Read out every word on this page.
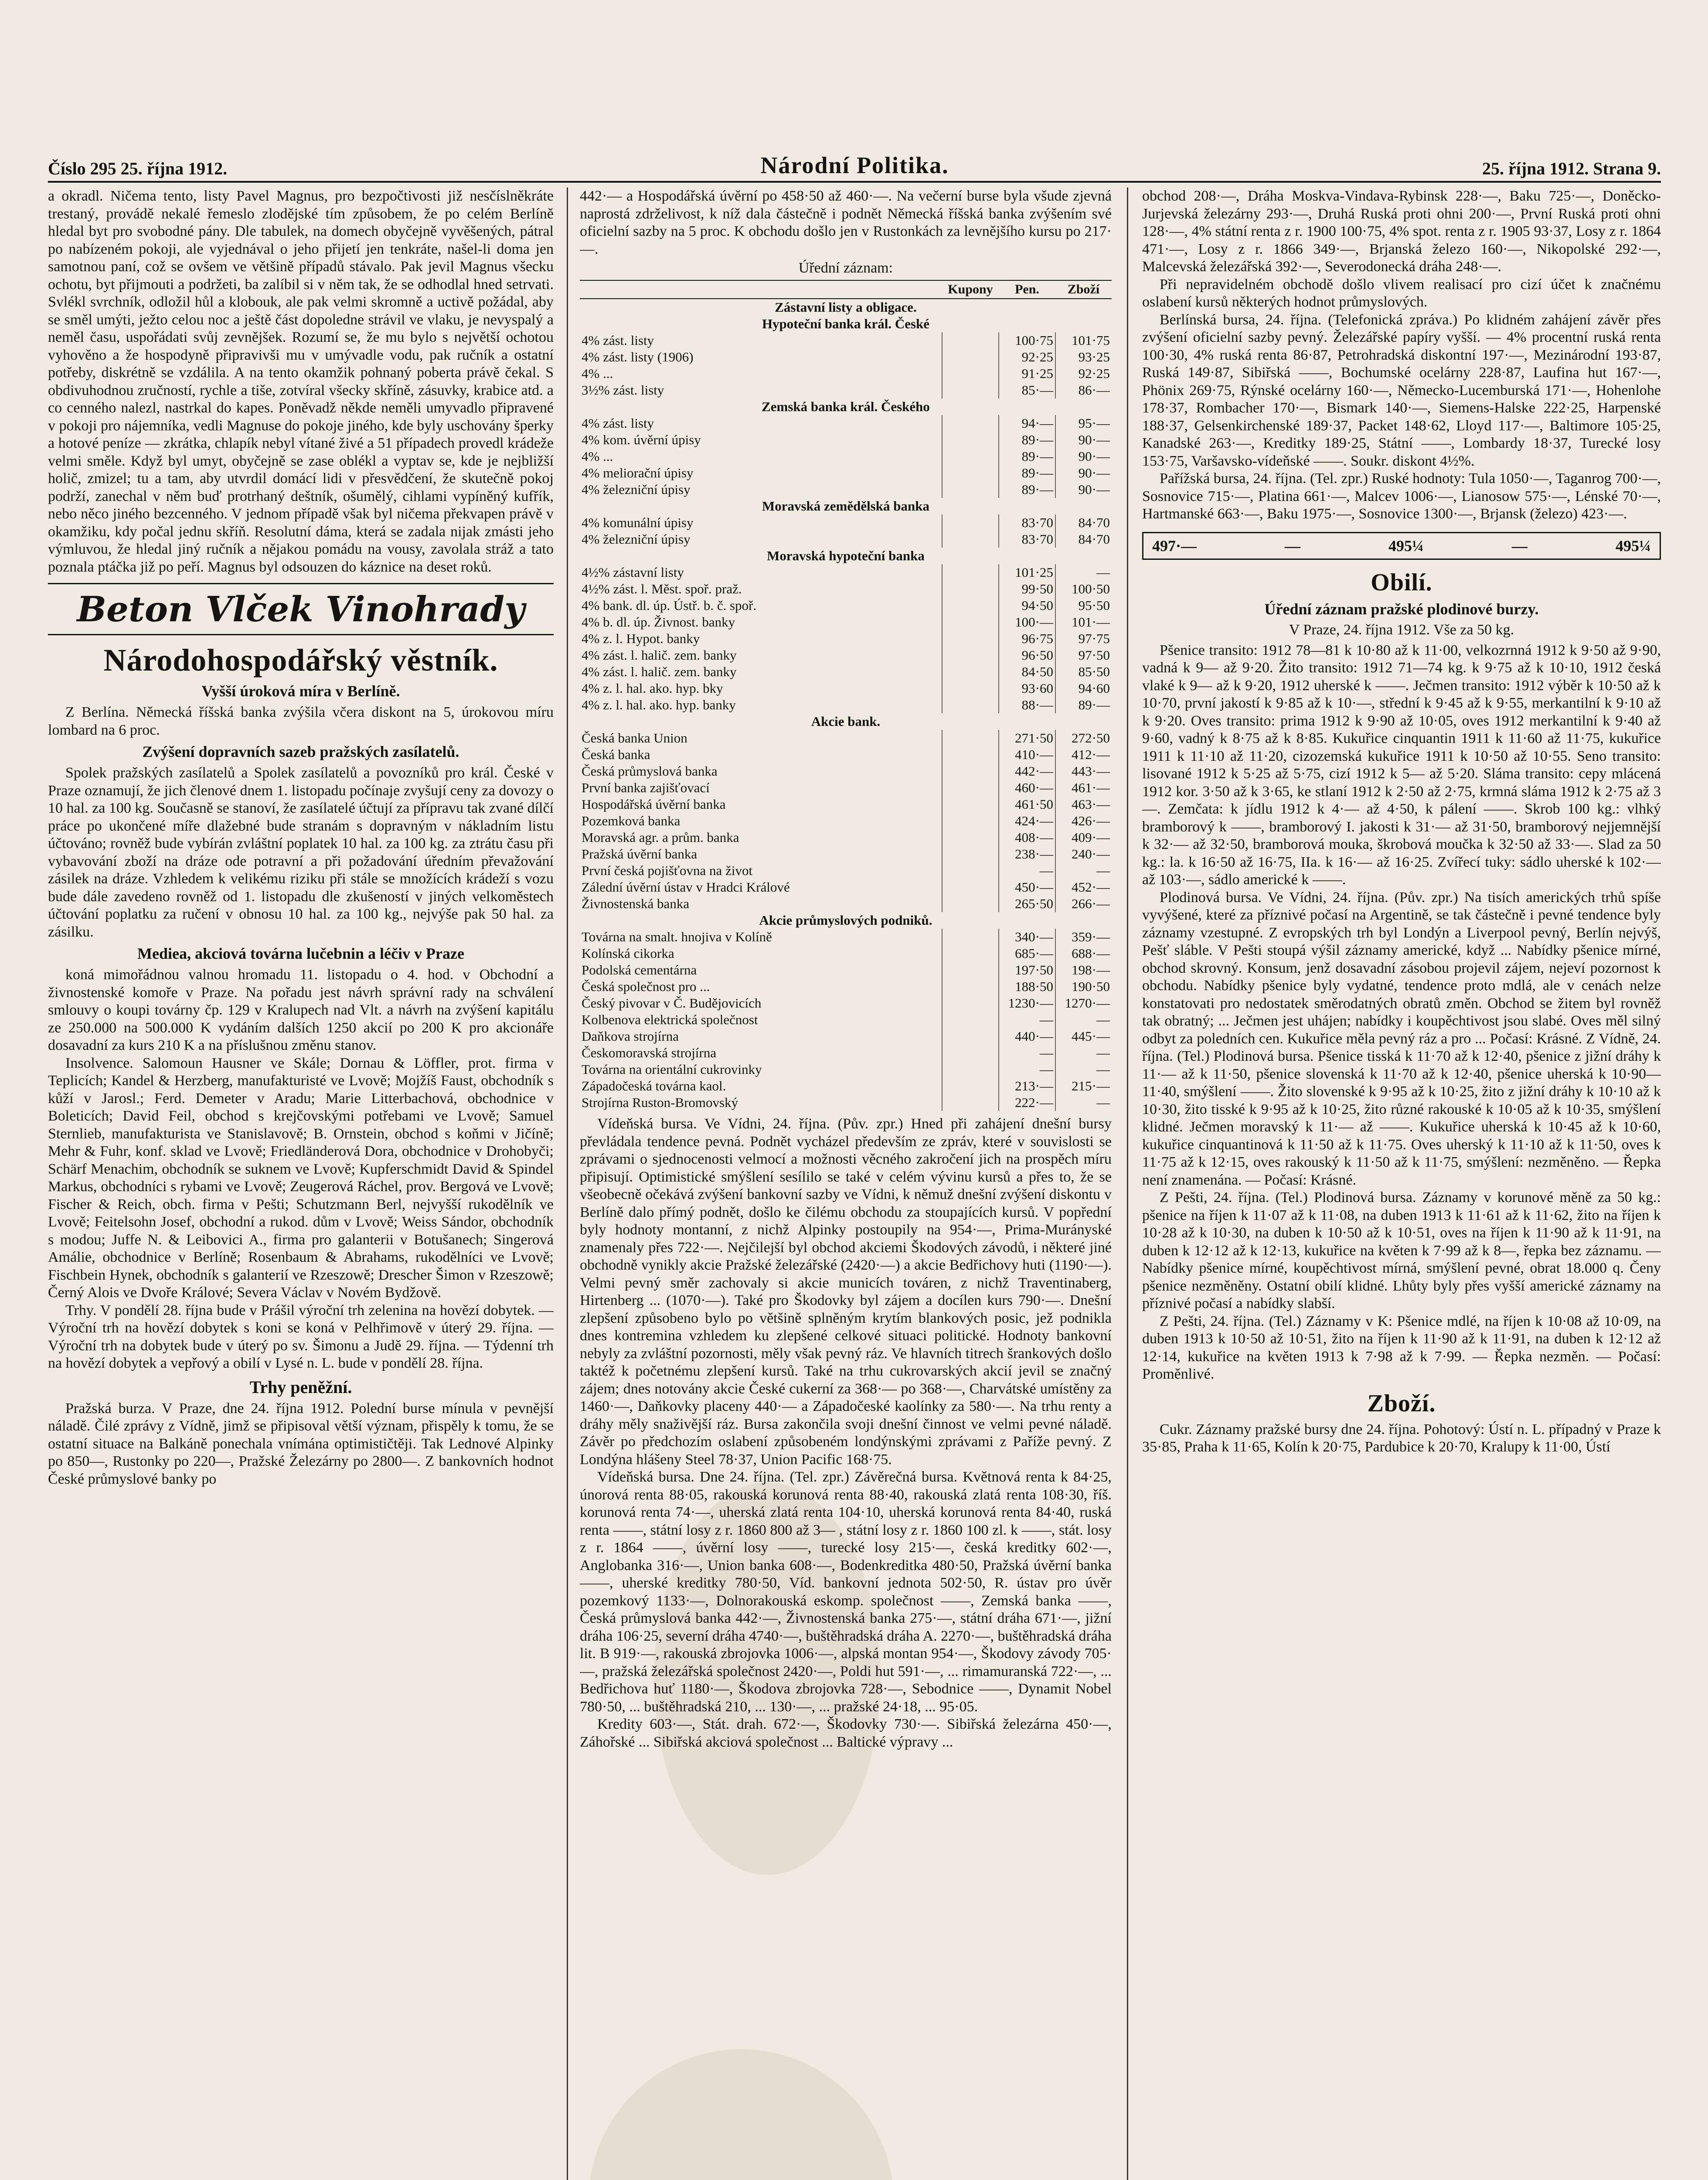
Číslo 295 25. října 1912.	Národní Politika.	25. října 1912. Strana 9.

a okradl. Ničema tento, listy Pavel Magnus, pro bezpočtivosti již nesčíslněkráte trestaný, provádě nekalé řemeslo zlodějské tím způsobem, že po celém Berlíně hledal byt pro svobodné pány. Dle tabulek, na domech obyčejně vyvěšených, pátral po nabízeném pokoji, ale vyjednával o jeho přijetí jen tenkráte, našel-li doma jen samotnou paní, což se ovšem ve většině případů stávalo. Pak jevil Magnus všecku ochotu, byt přijmouti a podržeti, ba zalíbil si v něm tak, že se odhodlal hned setrvati. Svlékl svrchník, odložil hůl a klobouk, ale pak velmi skromně a uctivě požádal, aby se směl umýti, ježto celou noc a ještě část dopoledne strávil ve vlaku, je nevyspalý a neměl času, uspořádati svůj zevnějšek. Rozumí se, že mu bylo s největší ochotou vyhověno a že hospodyně připravivši mu v umývadle vodu, pak ručník a ostatní potřeby, diskrétně se vzdálila. A na tento okamžik pohnaný poberta právě čekal. S obdivuhodnou zručností, rychle a tiše, zotvíral všecky skříně, zásuvky, krabice atd. a co cenného nalezl, nastrkal do kapes. Poněvadž někde neměli umyvadlo připravené v pokoji pro nájemníka, vedli Magnuse do pokoje jiného, kde byly uschovány šperky a hotové peníze — zkrátka, chlapík nebyl vítané živé a 51 případech provedl krádeže velmi směle. Když byl umyt, obyčejně se zase oblékl a vyptav se, kde je nejbližší holič, zmizel; tu a tam, aby utvrdil domácí lidi v přesvědčení, že skutečně pokoj podrží, zanechal v něm buď protrhaný deštník, ošumělý, cihlami vypíněný kufřík, nebo něco jiného bezcenného. V jednom případě však byl ničema překvapen právě v okamžiku, kdy počal jednu skříň. Resolutní dáma, která se zadala nijak zmásti jeho výmluvou, že hledal jiný ručník a nějakou pomádu na vousy, zavolala stráž a tato poznala ptáčka již po peří. Magnus byl odsouzen do káznice na deset roků.

Beton Vlček Vinohrady
Národohospodářský věstník.
Vyšší úroková míra v Berlíně.

Z Berlína. Německá říšská banka zvýšila včera diskont na 5, úrokovou míru lombard na 6 proc.

Zvýšení dopravních sazeb pražských zasílatelů.

Spolek pražských zasílatelů a Spolek zasílatelů a povozníků pro král. České v Praze oznamují, že jich členové dnem 1. listopadu počínaje zvyšují ceny za dovozy o 10 hal. za 100 kg. Současně se stanoví, že zasílatelé účtují za přípravu tak zvané dílčí práce po ukončené míře dlažebné bude stranám s dopravným v nákladním listu účtováno; rovněž bude vybírán zvláštní poplatek 10 hal. za 100 kg. za ztrátu času při vybavování zboží na dráze ode potravní a při požadování úředním převažování zásilek na dráze. Vzhledem k velikému riziku při stále se množících krádeží s vozu bude dále zavedeno rovněž od 1. listopadu dle zkušeností v jiných velkoměstech účtování poplatku za ručení v obnosu 10 hal. za 100 kg., nejvýše pak 50 hal. za zásilku.

Mediea, akciová továrna lučebnin a léčiv v Praze

koná mimořádnou valnou hromadu 11. listopadu o 4. hod. v Obchodní a živnostenské komoře v Praze. Na pořadu jest návrh správní rady na schválení smlouvy o koupi továrny čp. 129 v Kralupech nad Vlt. a návrh na zvýšení kapitálu ze 250.000 na 500.000 K vydáním dalších 1250 akcií po 200 K pro akcionáře dosavadní za kurs 210 K a na příslušnou změnu stanov.

Insolvence. Salomoun Hausner ve Skále; Dornau & Löffler, prot. firma v Teplicích; Kandel & Herzberg, manufakturisté ve Lvově; Mojžíš Faust, obchodník s kůží v Jarosl.; Ferd. Demeter v Aradu; Marie Litterbachová, obchodnice v Boleticích; David Feil, obchod s krejčovskými potřebami ve Lvově; Samuel Sternlieb, manufakturista ve Stanislavově; B. Ornstein, obchod s koňmi v Jičíně; Mehr & Fuhr, konf. sklad ve Lvově; Friedländerová Dora, obchodnice v Drohobyči; Schärf Menachim, obchodník se suknem ve Lvově; Kupferschmidt David & Spindel Markus, obchodníci s rybami ve Lvově; Zeugerová Ráchel, prov. Bergová ve Lvově; Fischer & Reich, obch. firma v Pešti; Schutzmann Berl, nejvyšší rukodělník ve Lvově; Feitelsohn Josef, obchodní a rukod. dům v Lvově; Weiss Sándor, obchodník s modou; Juffe N. & Leibovici A., firma pro galanterii v Botušanech; Singerová Amálie, obchodnice v Berlíně; Rosenbaum & Abrahams, rukodělníci ve Lvově; Fischbein Hynek, obchodník s galanterií ve Rzeszowě; Drescher Šimon v Rzeszowě; Černý Alois ve Dvoře Králové; Severa Václav v Novém Bydžově.

Trhy. V pondělí 28. října bude v Prášil výroční trh zelenina na hovězí dobytek. — Výroční trh na hovězí dobytek s koni se koná v Pelhřimově v úterý 29. října. — Výroční trh na dobytek bude v úterý po sv. Šimonu a Judě 29. října. — Týdenní trh na hovězí dobytek a vepřový a obilí v Lysé n. L. bude v pondělí 28. října.

Trhy peněžní.

Pražská burza. V Praze, dne 24. října 1912. Polední burse mínula v pevnější náladě. Čilé zprávy z Vídně, jimž se připisoval větší význam, přispěly k tomu, že se ostatní situace na Balkáně ponechala vnímána optimističtěji. Tak Lednové Alpinky po 850—, Rustonky po 220—, Pražské Železárny po 2800—. Z bankovních hodnot České průmyslové banky po

442·— a Hospodářská úvěrní po 458·50 až 460·—. Na večerní burse byla všude zjevná naprostá zdrželivost, k níž dala částečně i podnět Německá říšská banka zvýšením své oficielní sazby na 5 proc. K obchodu došlo jen v Rustonkách za levnějšího kursu po 217·—.

Úřední záznam:
	Kupony	Pen.	Zboží
Zástavní listy a obligace.			
Hypoteční banka král. České			
4% zást. listy		100·75	101·75
4% zást. listy (1906)		92·25	93·25
4% ...		91·25	92·25
3½% zást. listy		85·—	86·—
Zemská banka král. Českého			
4% zást. listy		94·—	95·—
4% kom. úvěrní úpisy		89·—	90·—
4% ...		89·—	90·—
4% meliorační úpisy		89·—	90·—
4% železniční úpisy		89·—	90·—
Moravská zemědělská banka			
4% komunální úpisy		83·70	84·70
4% železniční úpisy		83·70	84·70
Moravská hypoteční banka			
4½% zástavní listy		101·25	—
4½% zást. l. Měst. spoř. praž.		99·50	100·50
4% bank. dl. úp. Ústř. b. č. spoř.		94·50	95·50
4% b. dl. úp. Živnost. banky		100·—	101·—
4% z. l. Hypot. banky		96·75	97·75
4% zást. l. halič. zem. banky		96·50	97·50
4% zást. l. halič. zem. banky		84·50	85·50
4% z. l. hal. ako. hyp. bky		93·60	94·60
4% z. l. hal. ako. hyp. banky		88·—	89·—
Akcie bank.			
Česká banka Union		271·50	272·50
Česká banka		410·—	412·—
Česká průmyslová banka		442·—	443·—
První banka zajišťovací		460·—	461·—
Hospodářská úvěrní banka		461·50	463·—
Pozemková banka		424·—	426·—
Moravská agr. a prům. banka		408·—	409·—
Pražská úvěrní banka		238·—	240·—
První česká pojišťovna na život		—	—
Zálední úvěrní ústav v Hradci Králové		450·—	452·—
Živnostenská banka		265·50	266·—
Akcie průmyslových podniků.			
Továrna na smalt. hnojiva v Kolíně		340·—	359·—
Kolínská cikorka		685·—	688·—
Podolská cementárna		197·50	198·—
Česká společnost pro ...		188·50	190·50
Český pivovar v Č. Budějovicích		1230·—	1270·—
Kolbenova elektrická společnost		—	—
Daňkova strojírna		440·—	445·—
Českomoravská strojírna		—	—
Továrna na orientální cukrovinky		—	—
Západočeská továrna kaol.		213·—	215·—
Strojírna Ruston-Bromovský		222·—	—

Vídeňská bursa. Ve Vídni, 24. října. (Pův. zpr.) Hned při zahájení dnešní bursy převládala tendence pevná. Podnět vycházel především ze zpráv, které v souvislosti se zprávami o sjednocenosti velmocí a možnosti věcného zakročení jich na prospěch míru připisují. Optimistické smýšlení sesílilo se také v celém vývinu kursů a přes to, že se všeobecně očekává zvýšení bankovní sazby ve Vídni, k němuž dnešní zvýšení diskontu v Berlíně dalo přímý podnět, došlo ke čilému obchodu za stoupajících kursů. V popřední byly hodnoty montanní, z nichž Alpinky postoupily na 954·—, Prima-Murányské znamenaly přes 722·—. Nejčilejší byl obchod akciemi Škodových závodů, i některé jiné obchodně vynikly akcie Pražské železářské (2420·—) a akcie Bedřichovy huti (1190·—). Velmi pevný směr zachovaly si akcie municích továren, z nichž Traventinaberg, Hirtenberg ... (1070·—). Také pro Škodovky byl zájem a docílen kurs 790·—. Dnešní zlepšení způsobeno bylo po většině splněným krytím blankových posic, jež podnikla dnes kontremina vzhledem ku zlepšené celkové situaci politické. Hodnoty bankovní nebyly za zvláštní pozornosti, měly však pevný ráz. Ve hlavních titrech šrankových došlo taktéž k početnému zlepšení kursů. Také na trhu cukrovarských akcií jevil se značný zájem; dnes notovány akcie České cukerní za 368·— po 368·—, Charvátské umístěny za 1460·—, Daňkovky placeny 440·— a Západočeské kaolínky za 580·—. Na trhu renty a dráhy měly snaživější ráz. Bursa zakončila svoji dnešní činnost ve velmi pevné náladě. Závěr po předchozím oslabení způsobeném londýnskými zprávami z Paříže pevný. Z Londýna hlášeny Steel 78·37, Union Pacific 168·75.

Vídeňská bursa. Dne 24. října. (Tel. zpr.) Závěrečná bursa. Květnová renta k 84·25, únorová renta 88·05, rakouská korunová renta 88·40, rakouská zlatá renta 108·30, říš. korunová renta 74·—, uherská zlatá renta 104·10, uherská korunová renta 84·40, ruská renta ——, státní losy z r. 1860 800 až 3— , státní losy z r. 1860 100 zl. k ——, stát. losy z r. 1864 ——, úvěrní losy ——, turecké losy 215·—, česká kreditky 602·—, Anglobanka 316·—, Union banka 608·—, Bodenkreditka 480·50, Pražská úvěrní banka ——, uherské kreditky 780·50, Víd. bankovní jednota 502·50, R. ústav pro úvěr pozemkový 1133·—, Dolnorakouská eskomp. společnost ——, Zemská banka ——, Česká průmyslová banka 442·—, Živnostenská banka 275·—, státní dráha 671·—, jižní dráha 106·25, severní dráha 4740·—, buštěhradská dráha A. 2270·—, buštěhradská dráha lit. B 919·—, rakouská zbrojovka 1006·—, alpská montan 954·—, Škodovy závody 705·—, pražská železářská společnost 2420·—, Poldi hut 591·—, ... rimamuranská 722·—, ... Bedřichova huť 1180·—, Škodova zbrojovka 728·—, Sebodnice ——, Dynamit Nobel 780·50, ... buštěhradská 210, ... 130·—, ... pražské 24·18, ... 95·05.

Kredity 603·—, Stát. drah. 672·—, Škodovky 730·—. Sibiřská železárna 450·—, Záhořské ... Sibiřská akciová společnost ... Baltické výpravy ...

obchod 208·—, Dráha Moskva-Vindava-Rybinsk 228·—, Baku 725·—, Doněcko-Jurjevská železárny 293·—, Druhá Ruská proti ohni 200·—, První Ruská proti ohni 128·—, 4% státní renta z r. 1900 100·75, 4% spot. renta z r. 1905 93·37, Losy z r. 1864 471·—, Losy z r. 1866 349·—, Brjanská železo 160·—, Nikopolské 292·—, Malcevská železářská 392·—, Severodonecká dráha 248·—.

Při nepravidelném obchodě došlo vlivem realisací pro cizí účet k značnému oslabení kursů některých hodnot průmyslových.

Berlínská bursa, 24. října. (Telefonická zpráva.) Po klidném zahájení závěr přes zvýšení oficielní sazby pevný. Železářské papíry vyšší. — 4% procentní ruská renta 100·30, 4% ruská renta 86·87, Petrohradská diskontní 197·—, Mezinárodní 193·87, Ruská 149·87, Sibiřská ——, Bochumské ocelárny 228·87, Laufina hut 167·—, Phönix 269·75, Rýnské ocelárny 160·—, Německo-Lucemburská 171·—, Hohenlohe 178·37, Rombacher 170·—, Bismark 140·—, Siemens-Halske 222·25, Harpenské 188·37, Gelsenkirchenské 189·37, Packet 148·62, Lloyd 117·—, Baltimore 105·25, Kanadské 263·—, Kreditky 189·25, Státní ——, Lombardy 18·37, Turecké losy 153·75, Varšavsko-vídeňské ——. Soukr. diskont 4½%.

Pařížská bursa, 24. října. (Tel. zpr.) Ruské hodnoty: Tula 1050·—, Taganrog 700·—, Sosnovice 715·—, Platina 661·—, Malcev 1006·—, Lianosow 575·—, Lénské 70·—, Hartmanské 663·—, Baku 1975·—, Sosnovice 1300·—, Brjansk (železo) 423·—.

497·—	—	495¼	—	495¼
Obilí.
Úřední záznam pražské plodinové burzy.
V Praze, 24. října 1912. Vše za 50 kg.

Pšenice transito: 1912 78—81 k 10·80 až k 11·00, velkozrnná 1912 k 9·50 až 9·90, vadná k 9— až 9·20. Žito transito: 1912 71—74 kg. k 9·75 až k 10·10, 1912 česká vlaké k 9— až k 9·20, 1912 uherské k ——. Ječmen transito: 1912 výběr k 10·50 až k 10·70, první jakostí k 9·85 až k 10·—, střední k 9·45 až k 9·55, merkantilní k 9·10 až k 9·20. Oves transito: prima 1912 k 9·90 až 10·05, oves 1912 merkantilní k 9·40 až 9·60, vadný k 8·75 až k 8·85. Kukuřice cinquantin 1911 k 11·60 až 11·75, kukuřice 1911 k 11·10 až 11·20, cizozemská kukuřice 1911 k 10·50 až 10·55. Seno transito: lisované 1912 k 5·25 až 5·75, cizí 1912 k 5— až 5·20. Sláma transito: cepy mlácená 1912 kor. 3·50 až k 3·65, ke stlaní 1912 k 2·50 až 2·75, krmná sláma 1912 k 2·75 až 3—. Zemčata: k jídlu 1912 k 4·— až 4·50, k pálení ——. Skrob 100 kg.: vlhký bramborový k ——, bramborový I. jakosti k 31·— až 31·50, bramborový nejjemnější k 32·— až 32·50, bramborová mouka, škrobová moučka k 32·50 až 33·—. Slad za 50 kg.: la. k 16·50 až 16·75, IIa. k 16·— až 16·25. Zvířecí tuky: sádlo uherské k 102·— až 103·—, sádlo americké k ——.

Plodinová bursa. Ve Vídni, 24. října. (Pův. zpr.) Na tisích amerických trhů spíše vyvýšené, které za příznivé počasí na Argentině, se tak částečně i pevné tendence byly záznamy vzestupné. Z evropských trh byl Londýn a Liverpool pevný, Berlín nejvýš, Pešť sláble. V Pešti stoupá výšil záznamy americké, když ... Nabídky pšenice mírné, obchod skrovný. Konsum, jenž dosavadní zásobou projevil zájem, nejeví pozornost k obchodu. Nabídky pšenice byly vydatné, tendence proto mdlá, ale v cenách nelze konstatovati pro nedostatek směrodatných obratů změn. Obchod se žitem byl rovněž tak obratný; ... Ječmen jest uhájen; nabídky i koupěchtivost jsou slabé. Oves měl silný odbyt za poledních cen. Kukuřice měla pevný ráz a pro ... Počasí: Krásné. Z Vídně, 24. října. (Tel.) Plodinová bursa. Pšenice tisská k 11·70 až k 12·40, pšenice z jižní dráhy k 11·— až k 11·50, pšenice slovenská k 11·70 až k 12·40, pšenice uherská k 10·90—11·40, smýšlení ——. Žito slovenské k 9·95 až k 10·25, žito z jižní dráhy k 10·10 až k 10·30, žito tisské k 9·95 až k 10·25, žito různé rakouské k 10·05 až k 10·35, smýšlení klidné. Ječmen moravský k 11·— až ——. Kukuřice uherská k 10·45 až k 10·60, kukuřice cinquantinová k 11·50 až k 11·75. Oves uherský k 11·10 až k 11·50, oves k 11·75 až k 12·15, oves rakouský k 11·50 až k 11·75, smýšlení: nezměněno. — Řepka není znamenána. — Počasí: Krásné.

Z Pešti, 24. října. (Tel.) Plodinová bursa. Záznamy v korunové měně za 50 kg.: pšenice na říjen k 11·07 až k 11·08, na duben 1913 k 11·61 až k 11·62, žito na říjen k 10·28 až k 10·30, na duben k 10·50 až k 10·51, oves na říjen k 11·90 až k 11·91, na duben k 12·12 až k 12·13, kukuřice na květen k 7·99 až k 8—, řepka bez záznamu. — Nabídky pšenice mírné, koupěchtivost mírná, smýšlení pevné, obrat 18.000 q. Čeny pšenice nezměněny. Ostatní obilí klidné. Lhůty byly přes vyšší americké záznamy na příznivé počasí a nabídky slabší.

Z Pešti, 24. října. (Tel.) Záznamy v K: Pšenice mdlé, na říjen k 10·08 až 10·09, na duben 1913 k 10·50 až 10·51, žito na říjen k 11·90 až k 11·91, na duben k 12·12 až 12·14, kukuřice na květen 1913 k 7·98 až k 7·99. — Řepka nezměn. — Počasí: Proměnlivé.

Zboží.

Cukr. Záznamy pražské bursy dne 24. října. Pohotový: Ústí n. L. případný v Praze k 35·85, Praha k 11·65, Kolín k 20·75, Pardubice k 20·70, Kralupy k 11·00, Ústí
